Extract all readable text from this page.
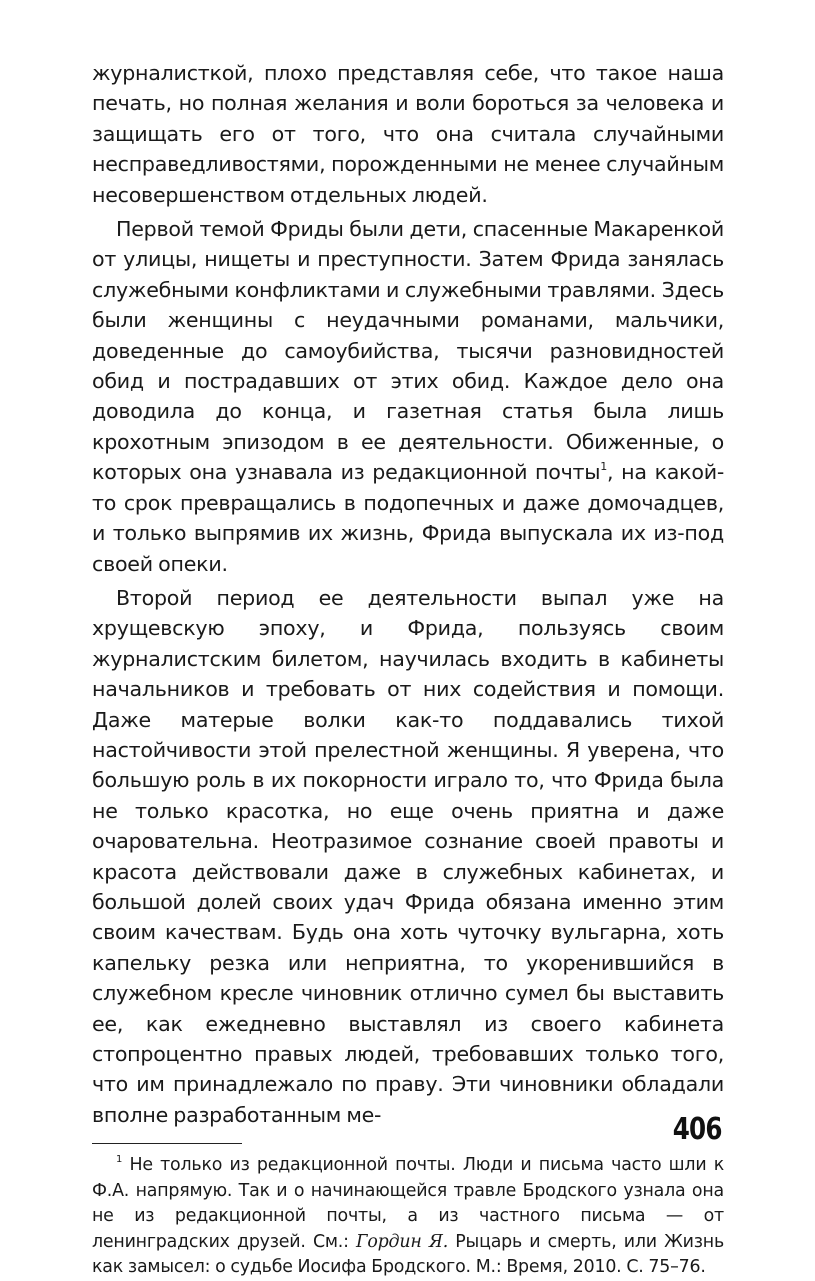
журналисткой, плохо представляя себе, что такое наша печать, но полная желания и воли бороться за человека и защищать его от того, что она считала случайными несправедливостями, порожденными не менее случайным несовершенством отдельных людей.

Первой темой Фриды были дети, спасенные Макаренкой от улицы, нищеты и преступности. Затем Фрида занялась служебными конфликтами и служебными травлями. Здесь были женщины с неудачными романами, мальчики, доведенные до самоубийства, тысячи разновидностей обид и пострадавших от этих обид. Каждое дело она доводила до конца, и газетная статья была лишь крохотным эпизодом в ее деятельности. Обиженные, о которых она узнавала из редакционной почты$^1$, на какой-то срок превращались в подопечных и даже домочадцев, и только выпрямив их жизнь, Фрида выпускала их из-под своей опеки.

Второй период ее деятельности выпал уже на хрущевскую эпоху, и Фрида, пользуясь своим журналистским билетом, научилась входить в кабинеты начальников и требовать от них содействия и помощи. Даже матерые волки как-то поддавались тихой настойчивости этой прелестной женщины. Я уверена, что большую роль в их покорности играло то, что Фрида была не только красотка, но еще очень приятна и даже очаровательна. Неотразимое сознание своей правоты и красота действовали даже в служебных кабинетах, и большой долей своих удач Фрида обязана именно этим своим качествам. Будь она хоть чуточку вульгарна, хоть капельку резка или неприятна, то укоренившийся в служебном кресле чиновник отлично сумел бы выставить ее, как ежедневно выставлял из своего кабинета стопроцентно правых людей, требовавших только того, что им принадлежало по праву. Эти чиновники обладали вполне разработанным ме-

$^1$ Не только из редакционной почты. Люди и письма часто шли к Ф.А. напрямую. Так и о начинающейся травле Бродского узнала она не из редакционной почты, а из частного письма — от ленинградских друзей. См.: Гордин Я. Рыцарь и смерть, или Жизнь как замысел: о судьбе Иосифа Бродского. М.: Время, 2010. С. 75–76.

406
